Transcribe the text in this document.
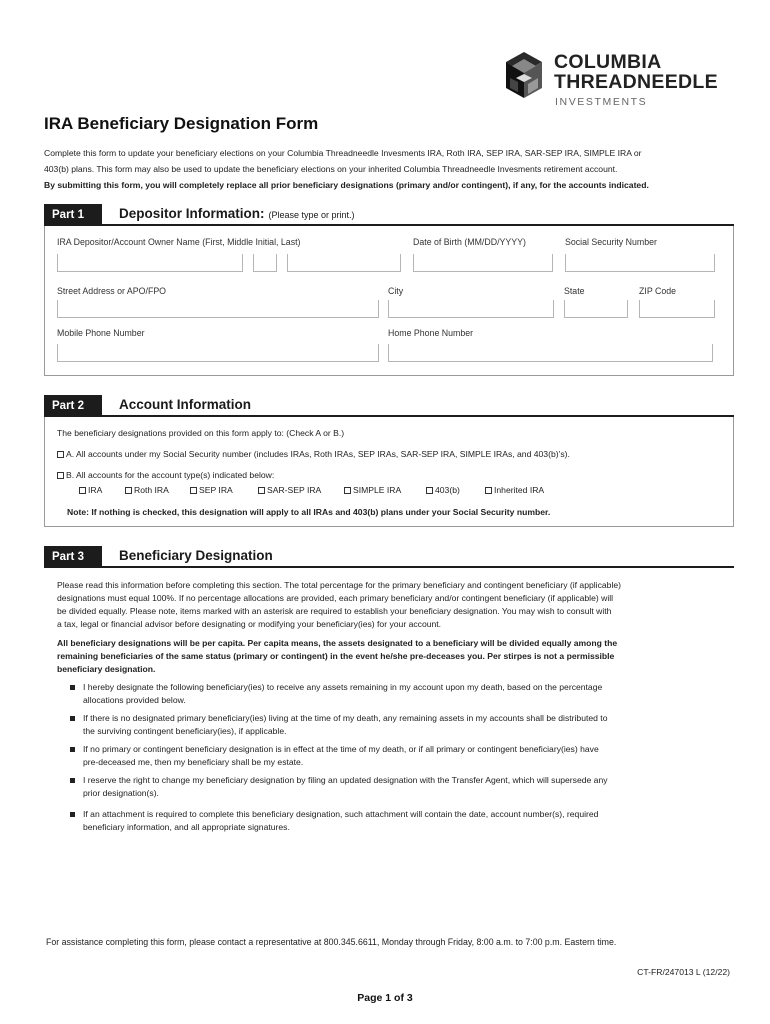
COLUMBIA
THREADNEEDLE
INVESTMENTS
IRA Beneficiary Designation Form
Complete this form to update your beneficiary elections on your Columbia Threadneedle Invesments IRA, Roth IRA, SEP IRA, SAR-SEP IRA, SIMPLE IRA or
403(b) plans. This form may also be used to update the beneficiary elections on your inherited Columbia Threadneedle Invesments retirement account.
By submitting this form, you will completely replace all prior beneficiary designations (primary and/or contingent), if any, for the accounts indicated.
Part 1	Depositor Information: (Please type or print.)
IRA Depositor/Account Owner Name (First, Middle Initial, Last)	Date of Birth (MM/DD/YYYY)	Social Security Number
Street Address or APO/FPO	City	State	ZIP Code
Mobile Phone Number	Home Phone Number
Part 2	Account Information
The beneficiary designations provided on this form apply to: (Check A or B.)
A. All accounts under my Social Security number (includes IRAs, Roth IRAs, SEP IRAs, SAR-SEP IRA, SIMPLE IRAs, and 403(b)’s).
B. All accounts for the account type(s) indicated below:
IRA	Roth IRA	SEP IRA	SAR-SEP IRA	SIMPLE IRA	403(b)	Inherited IRA
Note: If nothing is checked, this designation will apply to all IRAs and 403(b) plans under your Social Security number.
Part 3	Beneficiary Designation
Please read this information before completing this section. The total percentage for the primary beneficiary and contingent beneficiary (if applicable)
designations must equal 100%. If no percentage allocations are provided, each primary beneficiary and/or contingent beneficiary (if applicable) will
be divided equally. Please note, items marked with an asterisk are required to establish your beneficiary designation. You may wish to consult with
a tax, legal or financial advisor before designating or modifying your beneficiary(ies) for your account.
All beneficiary designations will be per capita. Per capita means, the assets designated to a beneficiary will be divided equally among the
remaining beneficiaries of the same status (primary or contingent) in the event he/she pre-deceases you. Per stirpes is not a permissible
beneficiary designation.
I hereby designate the following beneficiary(ies) to receive any assets remaining in my account upon my death, based on the percentage
allocations provided below.
If there is no designated primary beneficiary(ies) living at the time of my death, any remaining assets in my accounts shall be distributed to
the surviving contingent beneficiary(ies), if applicable.
If no primary or contingent beneficiary designation is in effect at the time of my death, or if all primary or contingent beneficiary(ies) have
pre-deceased me, then my beneficiary shall be my estate.
I reserve the right to change my beneficiary designation by filing an updated designation with the Transfer Agent, which will supersede any
prior designation(s).
If an attachment is required to complete this beneficiary designation, such attachment will contain the date, account number(s), required
beneficiary information, and all appropriate signatures.
For assistance completing this form, please contact a representative at 800.345.6611, Monday through Friday, 8:00 a.m. to 7:00 p.m. Eastern time.
CT-FR/247013 L (12/22)
Page 1 of 3
